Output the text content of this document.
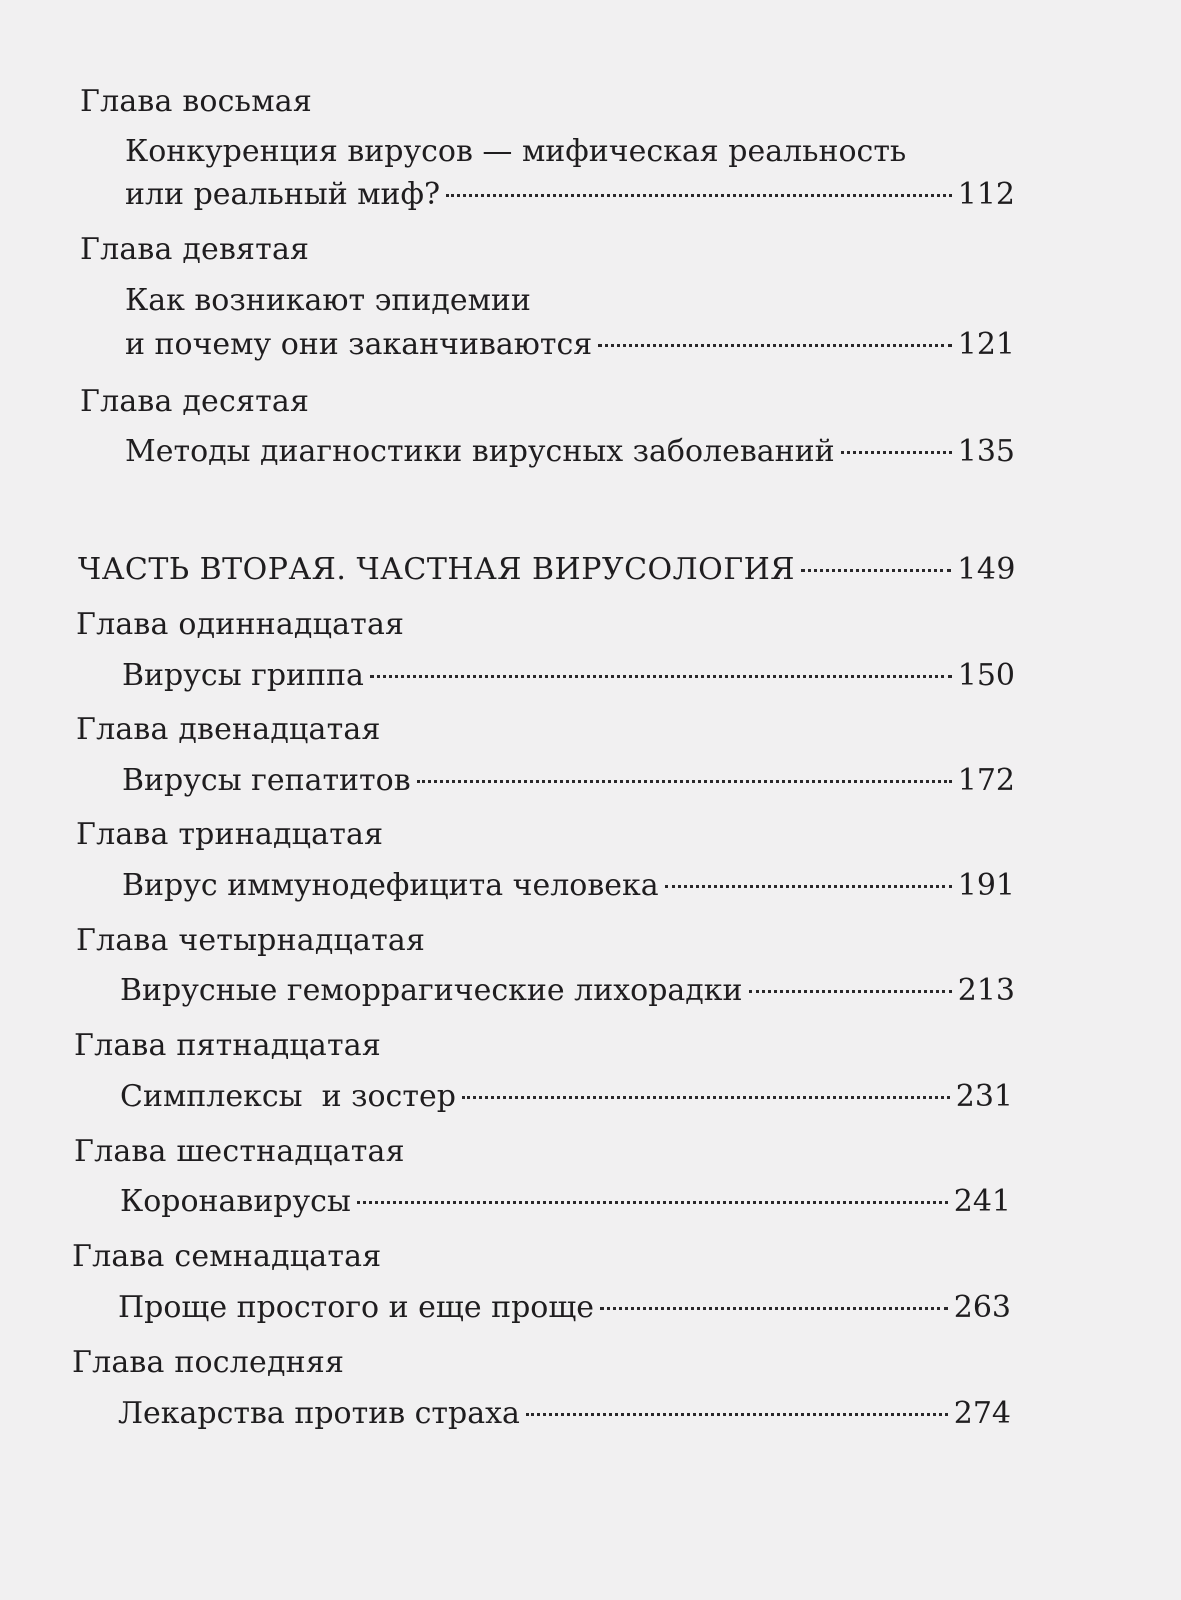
Глава восьмая
Конкуренция вирусов — мифическая реальность
или реальный миф?	112
Глава девятая
Как возникают эпидемии
и почему они заканчиваются	121
Глава десятая
Методы диагностики вирусных заболеваний	135
ЧАСТЬ ВТОРАЯ. ЧАСТНАЯ ВИРУСОЛОГИЯ	149
Глава одиннадцатая
Вирусы гриппа	150
Глава двенадцатая
Вирусы гепатитов	172
Глава тринадцатая
Вирус иммунодефицита человека	191
Глава четырнадцатая
Вирусные геморрагические лихорадки	213
Глава пятнадцатая
Симплексы  и зостер	231
Глава шестнадцатая
Коронавирусы	241
Глава семнадцатая
Проще простого и еще проще	263
Глава последняя
Лекарства против страха	274
